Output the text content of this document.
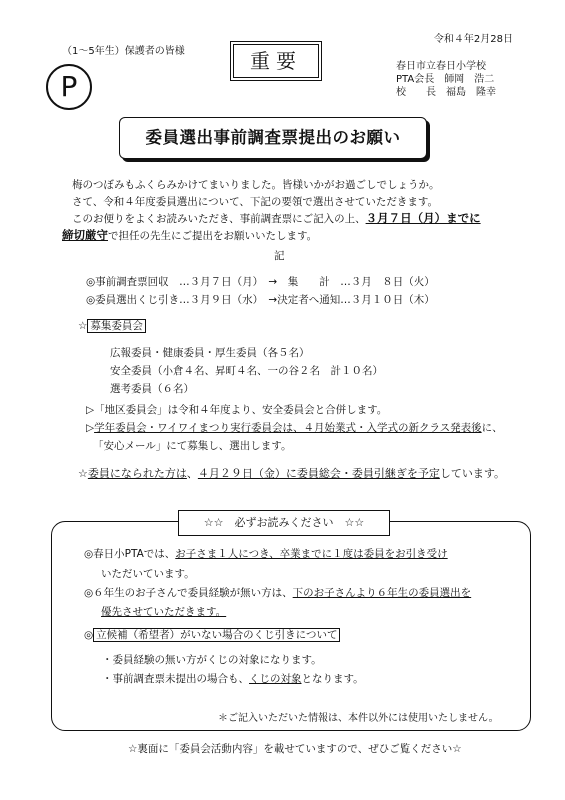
令和４年2月28日
（1～5年生）保護者の皆様
P
重要	春日市立春日小学校
PTA会長　師岡　浩二
校　　長　福島　隆幸
委員選出事前調査票提出のお願い
梅のつぼみもふくらみかけてまいりました。皆様いかがお過ごしでしょうか。
さて、令和４年度委員選出について、下記の要領で選出させていただきます。
このお便りをよくお読みいただき、事前調査票にご記入の上、３月７日（月）までに
締切厳守で担任の先生にご提出をお願いいたします。
記
◎事前調査票回収　…３月７日（月）　→　集　　計　…３月　８日（火）
◎委員選出くじ引き…３月９日（水）　→決定者へ通知…３月１０日（木）
☆ 募集委員会
広報委員・健康委員・厚生委員（各５名）
安全委員（小倉４名、昇町４名、一の谷２名　計１０名）
選考委員（６名）
▷「地区委員会」は令和４年度より、安全委員会と合併します。
▷学年委員会・ワイワイまつり実行委員会は、４月始業式・入学式の新クラス発表後に、
「安心メール」にて募集し、選出します。
☆委員になられた方は、４月２９日（金）に委員総会・委員引継ぎを予定しています。
☆☆　必ずお読みください　☆☆
◎春日小PTAでは、お子さま１人につき、卒業までに１度は委員をお引き受け
いただいています。
◎６年生のお子さんで委員経験が無い方は、下のお子さんより６年生の委員選出を
優先させていただきます。
◎ 立候補（希望者）がいない場合のくじ引きについて
・委員経験の無い方がくじの対象になります。
・事前調査票未提出の場合も、くじの対象となります。
＊ご記入いただいた情報は、本件以外には使用いたしません。
☆裏面に「委員会活動内容」を載せていますので、ぜひご覧ください☆
